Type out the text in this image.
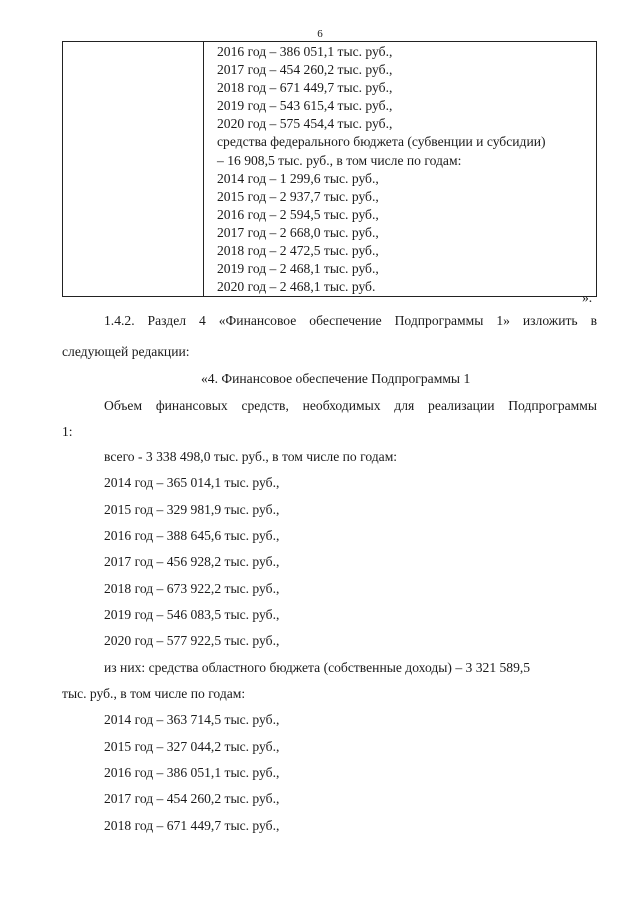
6

2016 год – 386 051,1 тыс. руб.,
2017 год – 454 260,2 тыс. руб.,
2018 год – 671 449,7 тыс. руб.,
2019 год – 543 615,4 тыс. руб.,
2020 год – 575 454,4 тыс. руб.,
средства федерального бюджета (субвенции и субсидии)
– 16 908,5 тыс. руб., в том числе по годам:
2014 год – 1 299,6 тыс. руб.,
2015 год – 2 937,7 тыс. руб.,
2016 год – 2 594,5 тыс. руб.,
2017 год – 2 668,0 тыс. руб.,
2018 год – 2 472,5 тыс. руб.,
2019 год – 2 468,1 тыс. руб.,
2020 год – 2 468,1 тыс. руб.
».
1.4.2. Раздел 4 «Финансовое обеспечение Подпрограммы 1» изложить в
следующей редакции:
«4. Финансовое обеспечение Подпрограммы 1
Объем финансовых средств, необходимых для реализации Подпрограммы
1:
всего - 3 338 498,0 тыс. руб., в том числе по годам:
2014 год – 365 014,1 тыс. руб.,
2015 год – 329 981,9 тыс. руб.,
2016 год – 388 645,6 тыс. руб.,
2017 год – 456 928,2 тыс. руб.,
2018 год – 673 922,2 тыс. руб.,
2019 год – 546 083,5 тыс. руб.,
2020 год – 577 922,5 тыс. руб.,
из них: средства областного бюджета (собственные доходы) – 3 321 589,5
тыс. руб., в том числе по годам:
2014 год – 363 714,5 тыс. руб.,
2015 год – 327 044,2 тыс. руб.,
2016 год – 386 051,1 тыс. руб.,
2017 год – 454 260,2 тыс. руб.,
2018 год – 671 449,7 тыс. руб.,
